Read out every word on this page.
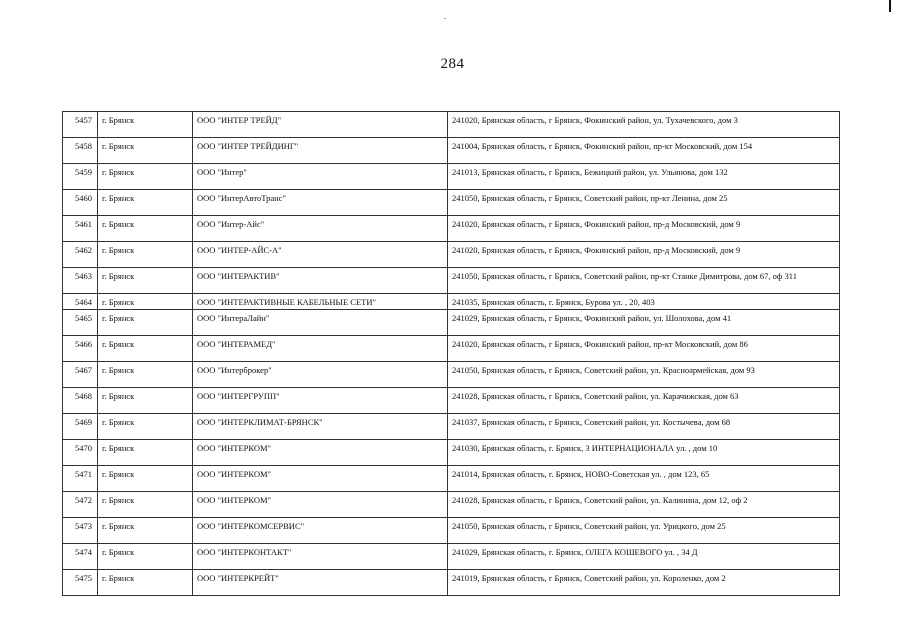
284
5457	г. Брянск	ООО "ИНТЕР ТРЕЙД"	241020, Брянская область, г Брянск, Фокинский район, ул. Тухачевского, дом 3
5458	г. Брянск	ООО "ИНТЕР ТРЕЙДИНГ"	241004, Брянская область, г Брянск, Фокинский район, пр-кт Московский, дом 154
5459	г. Брянск	ООО "Интер"	241013, Брянская область, г Брянск, Бежицкий район, ул. Ульянова, дом 132
5460	г. Брянск	ООО "ИнтерАвтоТранс"	241050, Брянская область, г Брянск, Советский район, пр-кт Ленина, дом 25
5461	г. Брянск	ООО "Интер-Айс"	241020, Брянская область, г Брянск, Фокинский район, пр-д Московский, дом 9
5462	г. Брянск	ООО "ИНТЕР-АЙС-А"	241020, Брянская область, г Брянск, Фокинский район, пр-д Московский, дом 9
5463	г. Брянск	ООО "ИНТЕРАКТИВ"	241050, Брянская область, г Брянск, Советский район, пр-кт Станке Димитрова, дом 67, оф 311
5464	г. Брянск	ООО "ИНТЕРАКТИВНЫЕ КАБЕЛЬНЫЕ СЕТИ"	241035, Брянская область, г. Брянск, Бурова ул. , 20, 403
5465	г. Брянск	ООО "ИнтераЛайн"	241029, Брянская область, г Брянск, Фокинский район, ул. Шолохова, дом 41
5466	г. Брянск	ООО "ИНТЕРАМЕД"	241020, Брянская область, г Брянск, Фокинский район, пр-кт Московский, дом 86
5467	г. Брянск	ООО "Интерброкер"	241050, Брянская область, г Брянск, Советский район, ул. Красноармейская, дом 93
5468	г. Брянск	ООО "ИНТЕРГРУПП"	241028, Брянская область, г Брянск, Советский район, ул. Карачижская, дом 63
5469	г. Брянск	ООО "ИНТЕРКЛИМАТ-БРЯНСК"	241037, Брянская область, г Брянск, Советский район, ул. Костычева, дом 68
5470	г. Брянск	ООО "ИНТЕРКОМ"	241030, Брянская область, г. Брянск, 3 ИНТЕРНАЦИОНАЛА ул. , дом 10
5471	г. Брянск	ООО "ИНТЕРКОМ"	241014, Брянская область, г. Брянск, НОВО-Советская ул. , дом 123, 65
5472	г. Брянск	ООО "ИНТЕРКОМ"	241028, Брянская область, г Брянск, Советский район, ул. Калинина, дом 12, оф 2
5473	г. Брянск	ООО "ИНТЕРКОМСЕРВИС"	241050, Брянская область, г Брянск, Советский район, ул. Урицкого, дом 25
5474	г. Брянск	ООО "ИНТЕРКОНТАКТ"	241029, Брянская область, г. Брянск, ОЛЕГА КОШЕВОГО ул. , 34 Д
5475	г. Брянск	ООО "ИНТЕРКРЕЙТ"	241019, Брянская область, г Брянск, Советский район, ул. Короленко, дом 2
